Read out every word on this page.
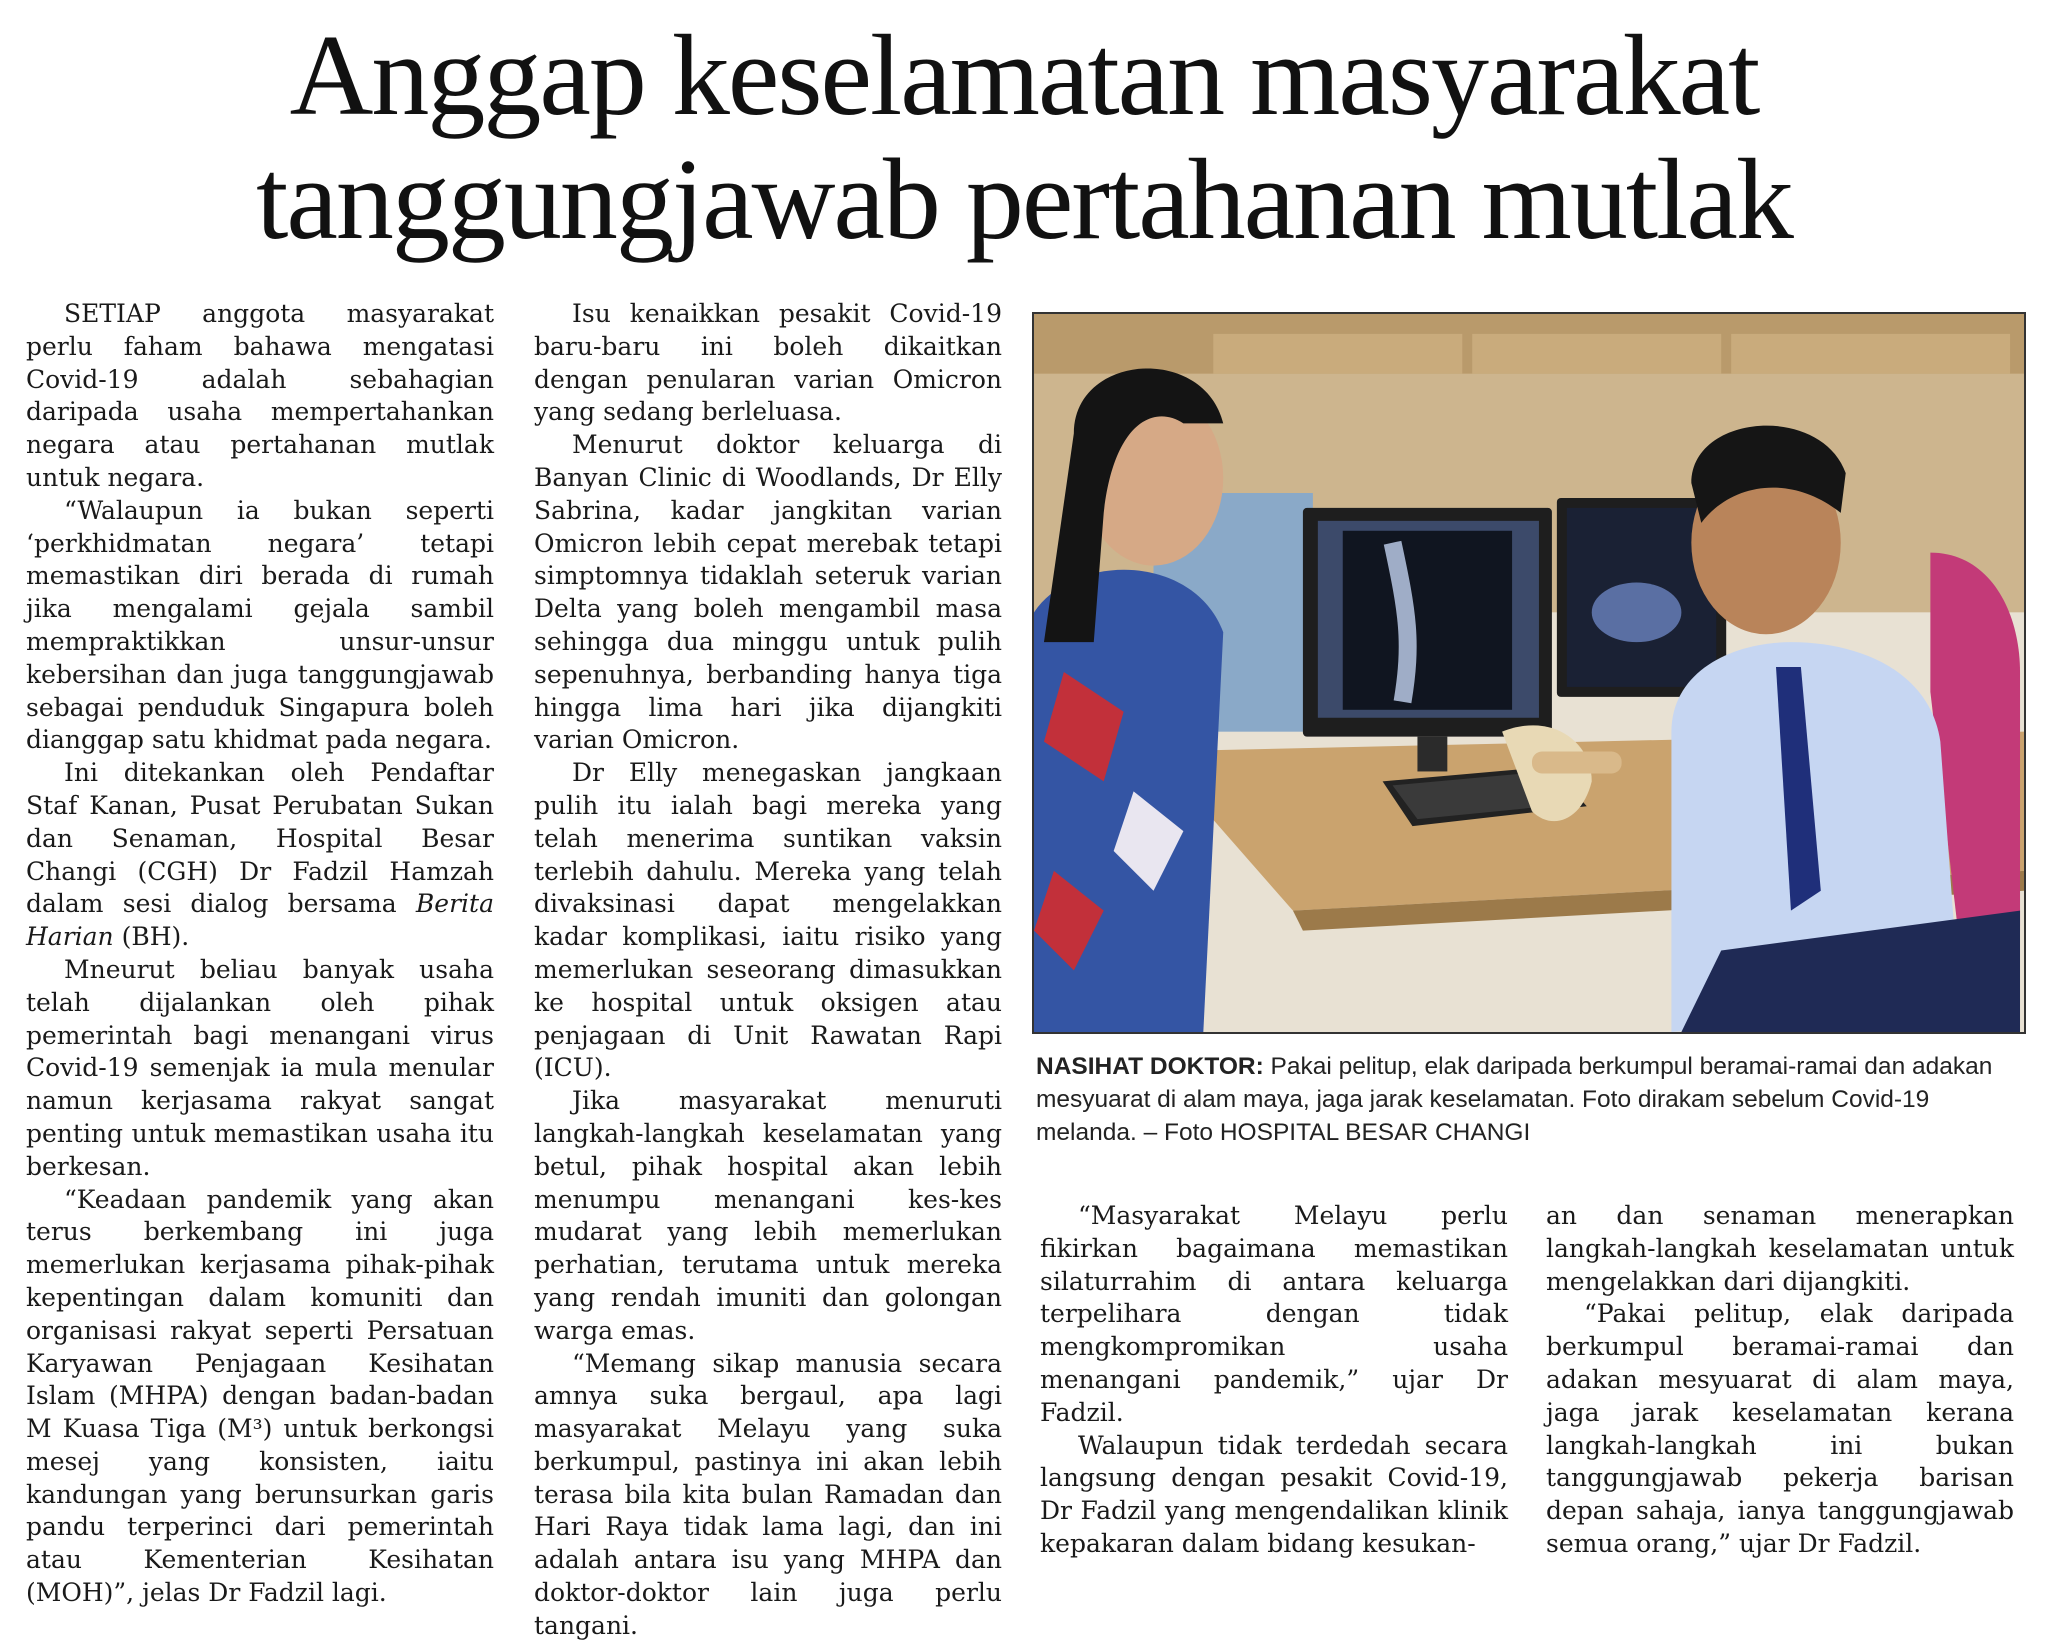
Anggap keselamatan masyarakat
tanggungjawab pertahanan mutlak

SETIAP anggota masyarakat perlu faham bahawa mengatasi Covid-19 adalah sebahagian daripada usaha mempertahankan negara atau pertahanan mutlak untuk negara.

“Walaupun ia bukan seperti ‘perkhidmatan negara’ tetapi memastikan diri berada di rumah jika mengalami gejala sambil mempraktikkan unsur-unsur kebersihan dan juga tanggungjawab sebagai penduduk Singapura boleh dianggap satu khidmat pada negara.

Ini ditekankan oleh Pendaftar Staf Kanan, Pusat Perubatan Sukan dan Senaman, Hospital Besar Changi (CGH) Dr Fadzil Hamzah dalam sesi dialog bersama Berita Harian (BH).

Mneurut beliau banyak usaha telah dijalankan oleh pihak pemerintah bagi menangani virus Covid-19 semenjak ia mula menular namun kerjasama rakyat sangat penting untuk memastikan usaha itu berkesan.

“Keadaan pandemik yang akan terus berkembang ini juga memerlukan kerjasama pihak-pihak kepentingan dalam komuniti dan organisasi rakyat seperti Persatuan Karyawan Penjagaan Kesihatan Islam (MHPA) dengan badan-badan M Kuasa Tiga (M³) untuk berkongsi mesej yang konsisten, iaitu kandungan yang berunsurkan garis pandu terperinci dari pemerintah atau Kementerian Kesihatan (MOH)”, jelas Dr Fadzil lagi.

Isu kenaikkan pesakit Covid-19 baru-baru ini boleh dikaitkan dengan penularan varian Omicron yang sedang berleluasa.

Menurut doktor keluarga di Banyan Clinic di Woodlands, Dr Elly Sabrina, kadar jangkitan varian Omicron lebih cepat merebak tetapi simptomnya tidaklah seteruk varian Delta yang boleh mengambil masa sehingga dua minggu untuk pulih sepenuhnya, berbanding hanya tiga hingga lima hari jika dijangkiti varian Omicron.

Dr Elly menegaskan jangkaan pulih itu ialah bagi mereka yang telah menerima suntikan vaksin terlebih dahulu. Mereka yang telah divaksinasi dapat mengelakkan kadar komplikasi, iaitu risiko yang memerlukan seseorang dimasukkan ke hospital untuk oksigen atau penjagaan di Unit Rawatan Rapi (ICU).

Jika masyarakat menuruti langkah-langkah keselamatan yang betul, pihak hospital akan lebih menumpu menangani kes-kes mudarat yang lebih memerlukan perhatian, terutama untuk mereka yang rendah imuniti dan golongan warga emas.

“Memang sikap manusia secara amnya suka bergaul, apa lagi masyarakat Melayu yang suka berkumpul, pastinya ini akan lebih terasa bila kita bulan Ramadan dan Hari Raya tidak lama lagi, dan ini adalah antara isu yang MHPA dan doktor-doktor lain juga perlu tangani.

NASIHAT DOKTOR: Pakai pelitup, elak daripada berkumpul beramai-ramai dan adakan mesyuarat di alam maya, jaga jarak keselamatan. Foto dirakam sebelum Covid-19 melanda. – Foto HOSPITAL BESAR CHANGI

“Masyarakat Melayu perlu fikirkan bagaimana memastikan silaturrahim di antara keluarga terpelihara dengan tidak mengkompromikan usaha menangani pandemik,” ujar Dr Fadzil.

Walaupun tidak terdedah secara langsung dengan pesakit Covid-19, Dr Fadzil yang mengendalikan klinik kepakaran dalam bidang kesukan-

an dan senaman menerapkan langkah-langkah keselamatan untuk mengelakkan dari dijangkiti.

“Pakai pelitup, elak daripada berkumpul beramai-ramai dan adakan mesyuarat di alam maya, jaga jarak keselamatan kerana langkah-langkah ini bukan tanggungjawab pekerja barisan depan sahaja, ianya tanggungjawab semua orang,” ujar Dr Fadzil.
